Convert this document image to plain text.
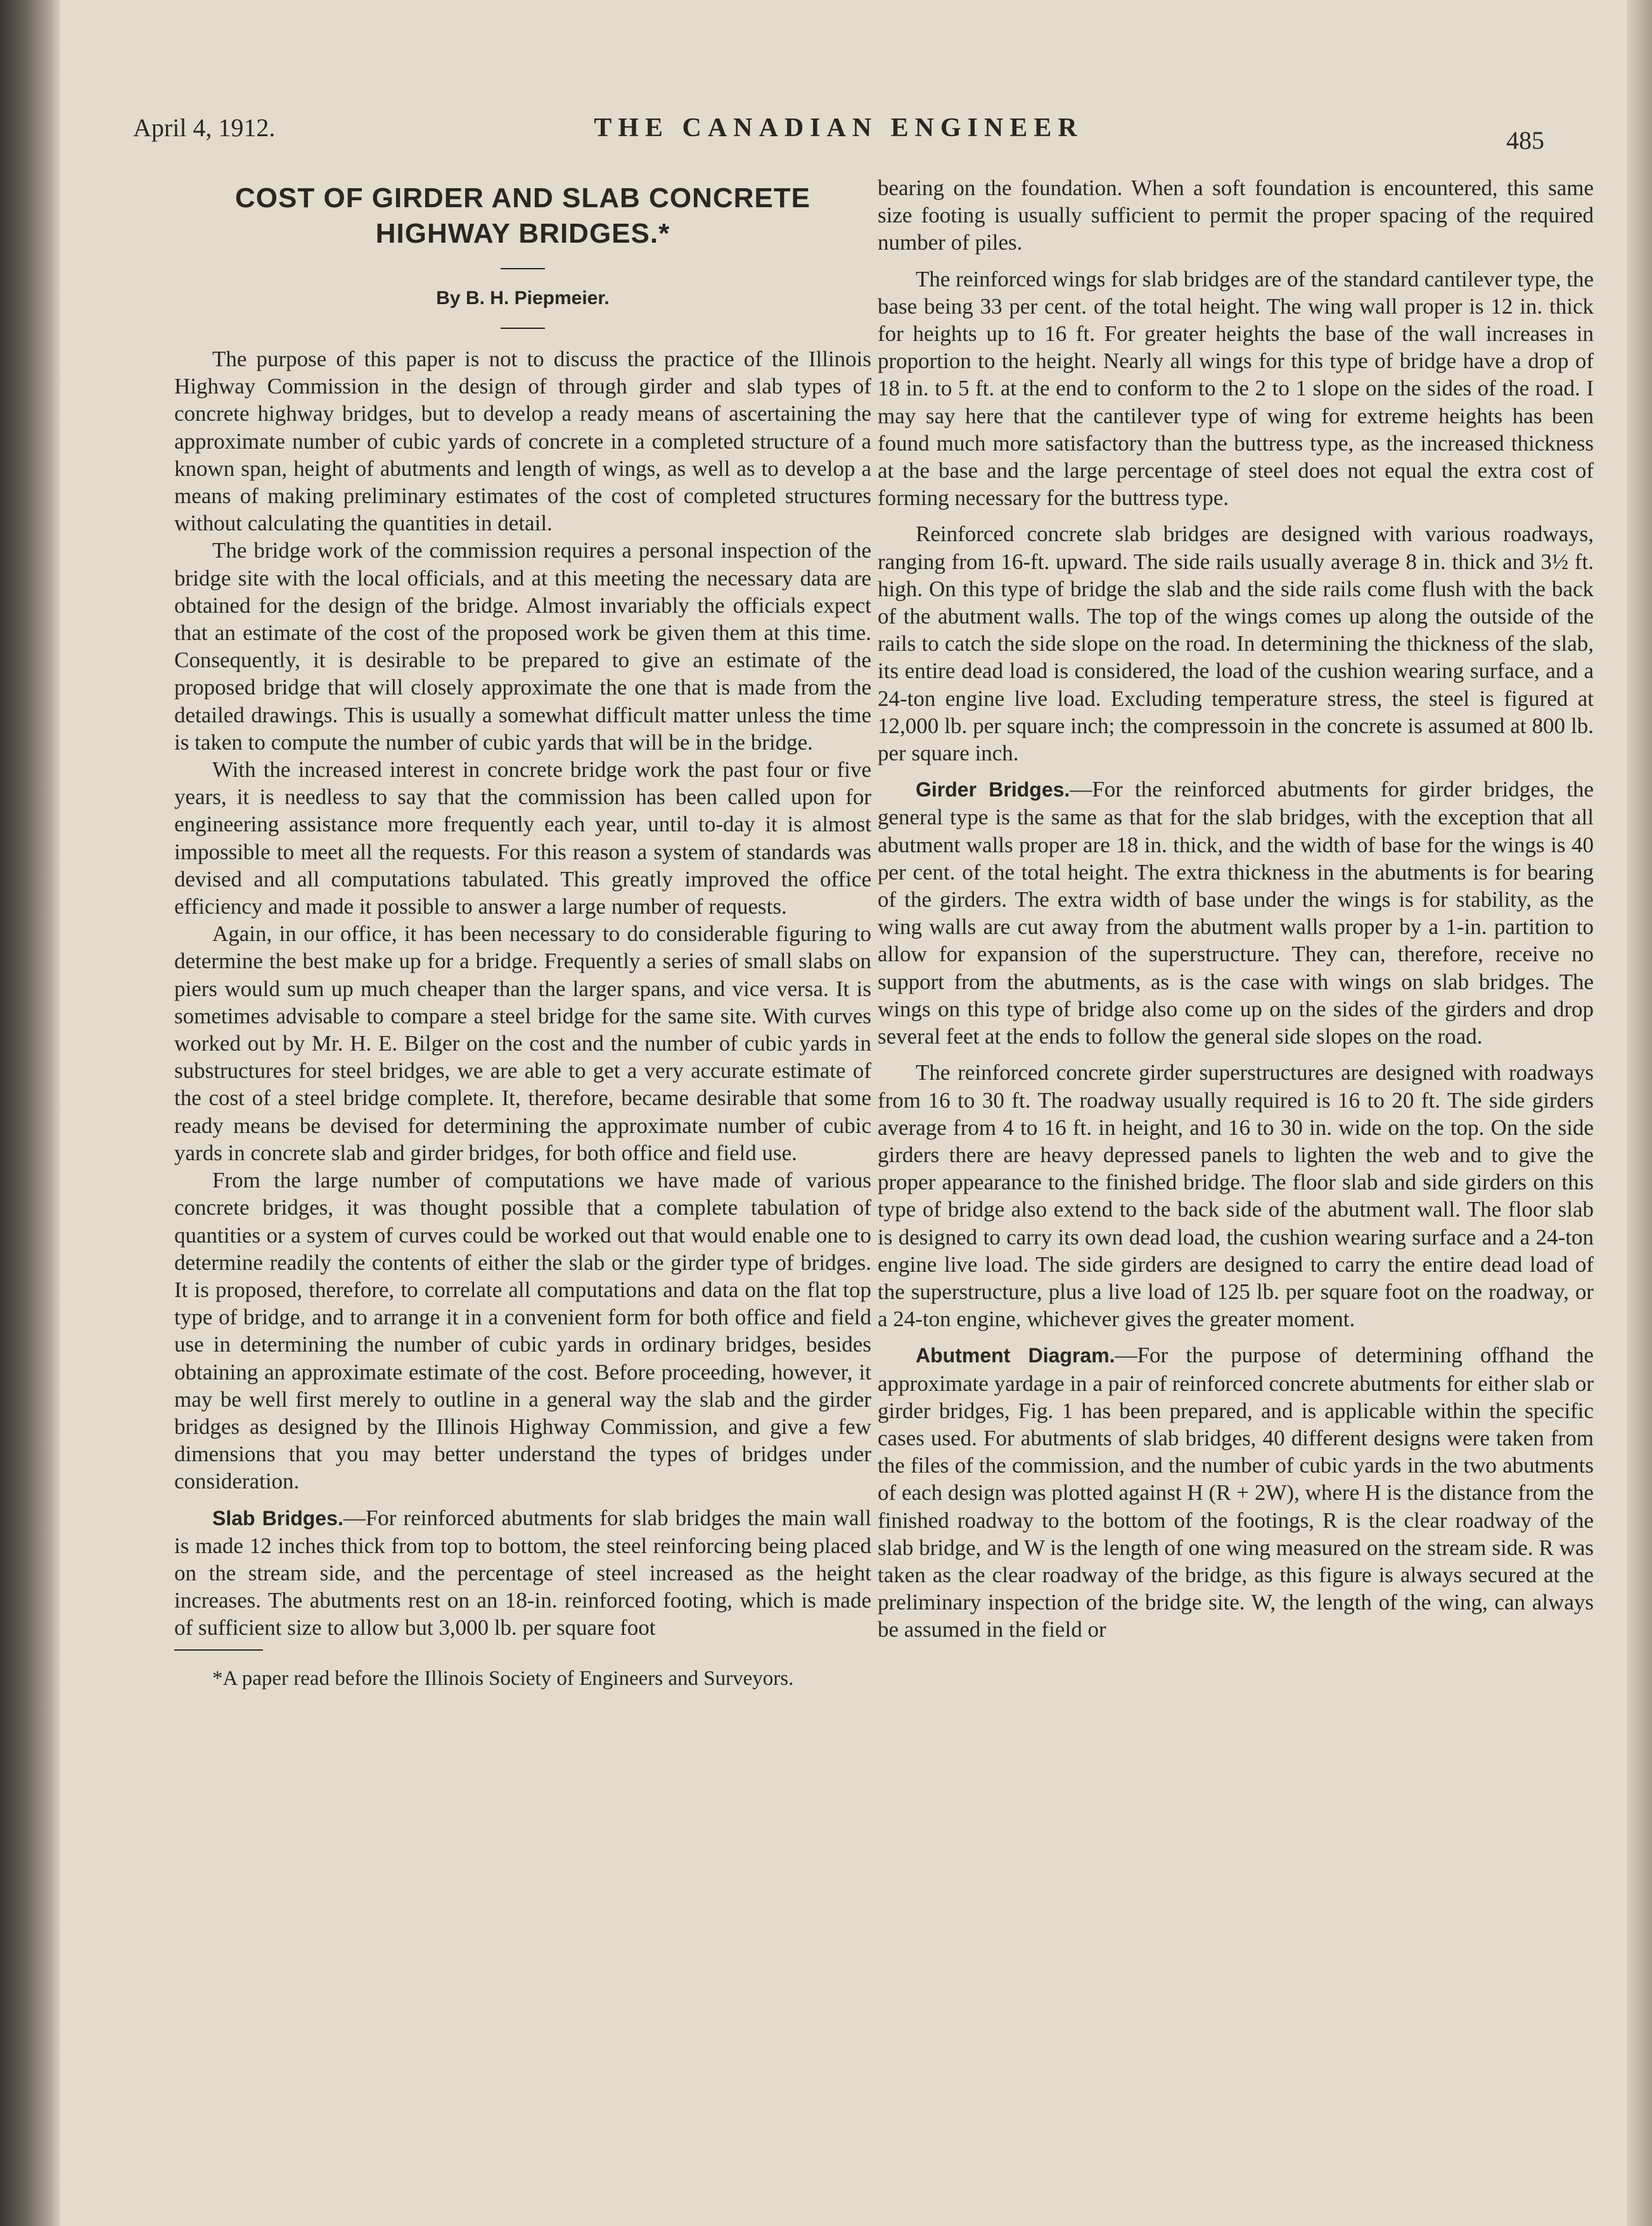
April 4, 1912.	THE CANADIAN ENGINEER	485
COST OF GIRDER AND SLAB CONCRETE
HIGHWAY BRIDGES.*
By B. H. Piepmeier.

The purpose of this paper is not to discuss the practice of the Illinois Highway Commission in the design of through girder and slab types of concrete highway bridges, but to develop a ready means of ascertaining the approximate number of cubic yards of concrete in a completed structure of a known span, height of abutments and length of wings, as well as to develop a means of making preliminary estimates of the cost of completed structures without calculating the quantities in detail.

The bridge work of the commission requires a personal inspection of the bridge site with the local officials, and at this meeting the necessary data are obtained for the design of the bridge. Almost invariably the officials expect that an estimate of the cost of the proposed work be given them at this time. Consequently, it is desirable to be prepared to give an estimate of the proposed bridge that will closely approximate the one that is made from the detailed drawings. This is usually a somewhat difficult matter unless the time is taken to compute the number of cubic yards that will be in the bridge.

With the increased interest in concrete bridge work the past four or five years, it is needless to say that the commission has been called upon for engineering assistance more frequently each year, until to-day it is almost impossible to meet all the requests. For this reason a system of standards was devised and all computations tabulated. This greatly improved the office efficiency and made it possible to answer a large number of requests.

Again, in our office, it has been necessary to do considerable figuring to determine the best make up for a bridge. Frequently a series of small slabs on piers would sum up much cheaper than the larger spans, and vice versa. It is sometimes advisable to compare a steel bridge for the same site. With curves worked out by Mr. H. E. Bilger on the cost and the number of cubic yards in substructures for steel bridges, we are able to get a very accurate estimate of the cost of a steel bridge complete. It, therefore, became desirable that some ready means be devised for determining the approximate number of cubic yards in concrete slab and girder bridges, for both office and field use.

From the large number of computations we have made of various concrete bridges, it was thought possible that a complete tabulation of quantities or a system of curves could be worked out that would enable one to determine readily the contents of either the slab or the girder type of bridges. It is proposed, therefore, to correlate all computations and data on the flat top type of bridge, and to arrange it in a convenient form for both office and field use in determining the number of cubic yards in ordinary bridges, besides obtaining an approximate estimate of the cost. Before proceeding, however, it may be well first merely to outline in a general way the slab and the girder bridges as designed by the Illinois Highway Commission, and give a few dimensions that you may better understand the types of bridges under consideration.

Slab Bridges.—For reinforced abutments for slab bridges the main wall is made 12 inches thick from top to bottom, the steel reinforcing being placed on the stream side, and the percentage of steel increased as the height increases. The abutments rest on an 18-in. reinforced footing, which is made of sufficient size to allow but 3,000 lb. per square foot

*A paper read before the Illinois Society of Engineers and Surveyors.

bearing on the foundation. When a soft foundation is encountered, this same size footing is usually sufficient to permit the proper spacing of the required number of piles.

The reinforced wings for slab bridges are of the standard cantilever type, the base being 33 per cent. of the total height. The wing wall proper is 12 in. thick for heights up to 16 ft. For greater heights the base of the wall increases in proportion to the height. Nearly all wings for this type of bridge have a drop of 18 in. to 5 ft. at the end to conform to the 2 to 1 slope on the sides of the road. I may say here that the cantilever type of wing for extreme heights has been found much more satisfactory than the buttress type, as the increased thickness at the base and the large percentage of steel does not equal the extra cost of forming necessary for the buttress type.

Reinforced concrete slab bridges are designed with various roadways, ranging from 16-ft. upward. The side rails usually average 8 in. thick and 3½ ft. high. On this type of bridge the slab and the side rails come flush with the back of the abutment walls. The top of the wings comes up along the outside of the rails to catch the side slope on the road. In determining the thickness of the slab, its entire dead load is considered, the load of the cushion wearing surface, and a 24-ton engine live load. Excluding temperature stress, the steel is figured at 12,000 lb. per square inch; the compressoin in the concrete is assumed at 800 lb. per square inch.

Girder Bridges.—For the reinforced abutments for girder bridges, the general type is the same as that for the slab bridges, with the exception that all abutment walls proper are 18 in. thick, and the width of base for the wings is 40 per cent. of the total height. The extra thickness in the abutments is for bearing of the girders. The extra width of base under the wings is for stability, as the wing walls are cut away from the abutment walls proper by a 1-in. partition to allow for expansion of the superstructure. They can, therefore, receive no support from the abutments, as is the case with wings on slab bridges. The wings on this type of bridge also come up on the sides of the girders and drop several feet at the ends to follow the general side slopes on the road.

The reinforced concrete girder superstructures are designed with roadways from 16 to 30 ft. The roadway usually required is 16 to 20 ft. The side girders average from 4 to 16 ft. in height, and 16 to 30 in. wide on the top. On the side girders there are heavy depressed panels to lighten the web and to give the proper appearance to the finished bridge. The floor slab and side girders on this type of bridge also extend to the back side of the abutment wall. The floor slab is designed to carry its own dead load, the cushion wearing surface and a 24-ton engine live load. The side girders are designed to carry the entire dead load of the superstructure, plus a live load of 125 lb. per square foot on the roadway, or a 24-ton engine, whichever gives the greater moment.

Abutment Diagram.—For the purpose of determining offhand the approximate yardage in a pair of reinforced concrete abutments for either slab or girder bridges, Fig. 1 has been prepared, and is applicable within the specific cases used. For abutments of slab bridges, 40 different designs were taken from the files of the commission, and the number of cubic yards in the two abutments of each design was plotted against H (R + 2W), where H is the distance from the finished roadway to the bottom of the footings, R is the clear roadway of the slab bridge, and W is the length of one wing measured on the stream side. R was taken as the clear roadway of the bridge, as this figure is always secured at the preliminary inspection of the bridge site. W, the length of the wing, can always be assumed in the field or
